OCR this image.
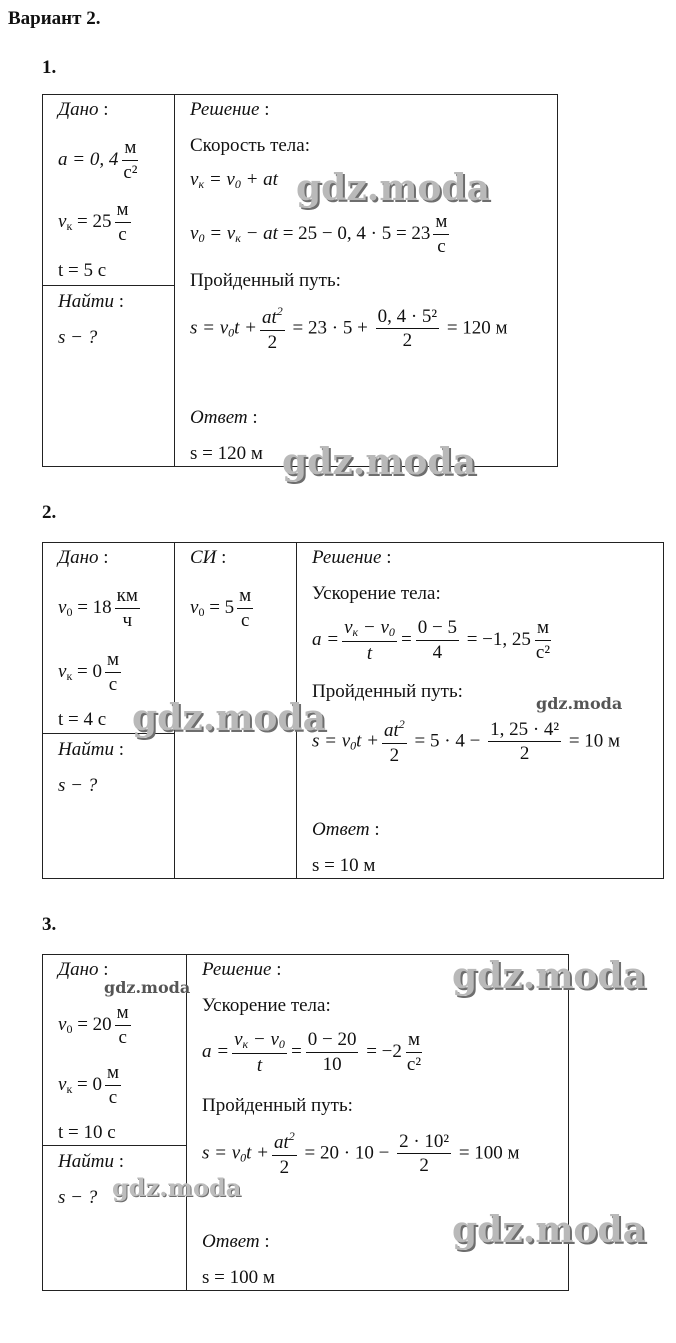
Вариант 2.
1.
Дано :
a = 0, $4 \frac{м}{\text{с²}}$
$v_к = 25 \frac{м}{с}$
t = 5 с
Найти :
s − ?
Решение :
Скорость тела:
$v_к = v_0$ + at
$v_0 = v_к$ − at = 25 − 0, $4 \cdot 5 = 23 \frac{м}{с}$
Пройденный путь:
$s = v_0t + \frac{at^2}{2} = 23 \cdot 5 + \frac{\text{0, 4 · 5²}}{2} = 120$ м
Ответ :
s = 120 м
gdz.moda
gdz.moda
2.
Дано :
$v_0 = 18 \frac{км}{ч}$
$v_к = 0 \frac{м}{с}$
t = 4 с
Найти :
s − ?
СИ :
$v_0 = 5 \frac{м}{с}$
Решение :
Ускорение тела:
$a = \frac{v_к - v_0}{t} = \frac{0 - 5}{4} = -1$, $25 \frac{м}{\text{с²}}$
Пройденный путь:
$s = v_0t + \frac{at^2}{2} = 5 \cdot 4 - \frac{\text{1, 25 · 4²}}{2} = 10$ м
Ответ :
s = 10 м
gdz.moda	gdz.moda
3.
Дано :
$v_0 = 20 \frac{м}{с}$
$v_к = 0 \frac{м}{с}$
t = 10 с
Найти :
s − ?
Решение :
Ускорение тела:
$a = \frac{v_к - v_0}{t} = \frac{0 - 20}{10} = -2 \frac{м}{\text{с²}}$
Пройденный путь:
$s = v_0t + \frac{at^2}{2} = 20 \cdot 10 - \frac{\text{2 · 10²}}{2} = 100$ м
Ответ :
s = 100 м
gdz.moda
gdz.moda
gdz.moda
gdz.moda
